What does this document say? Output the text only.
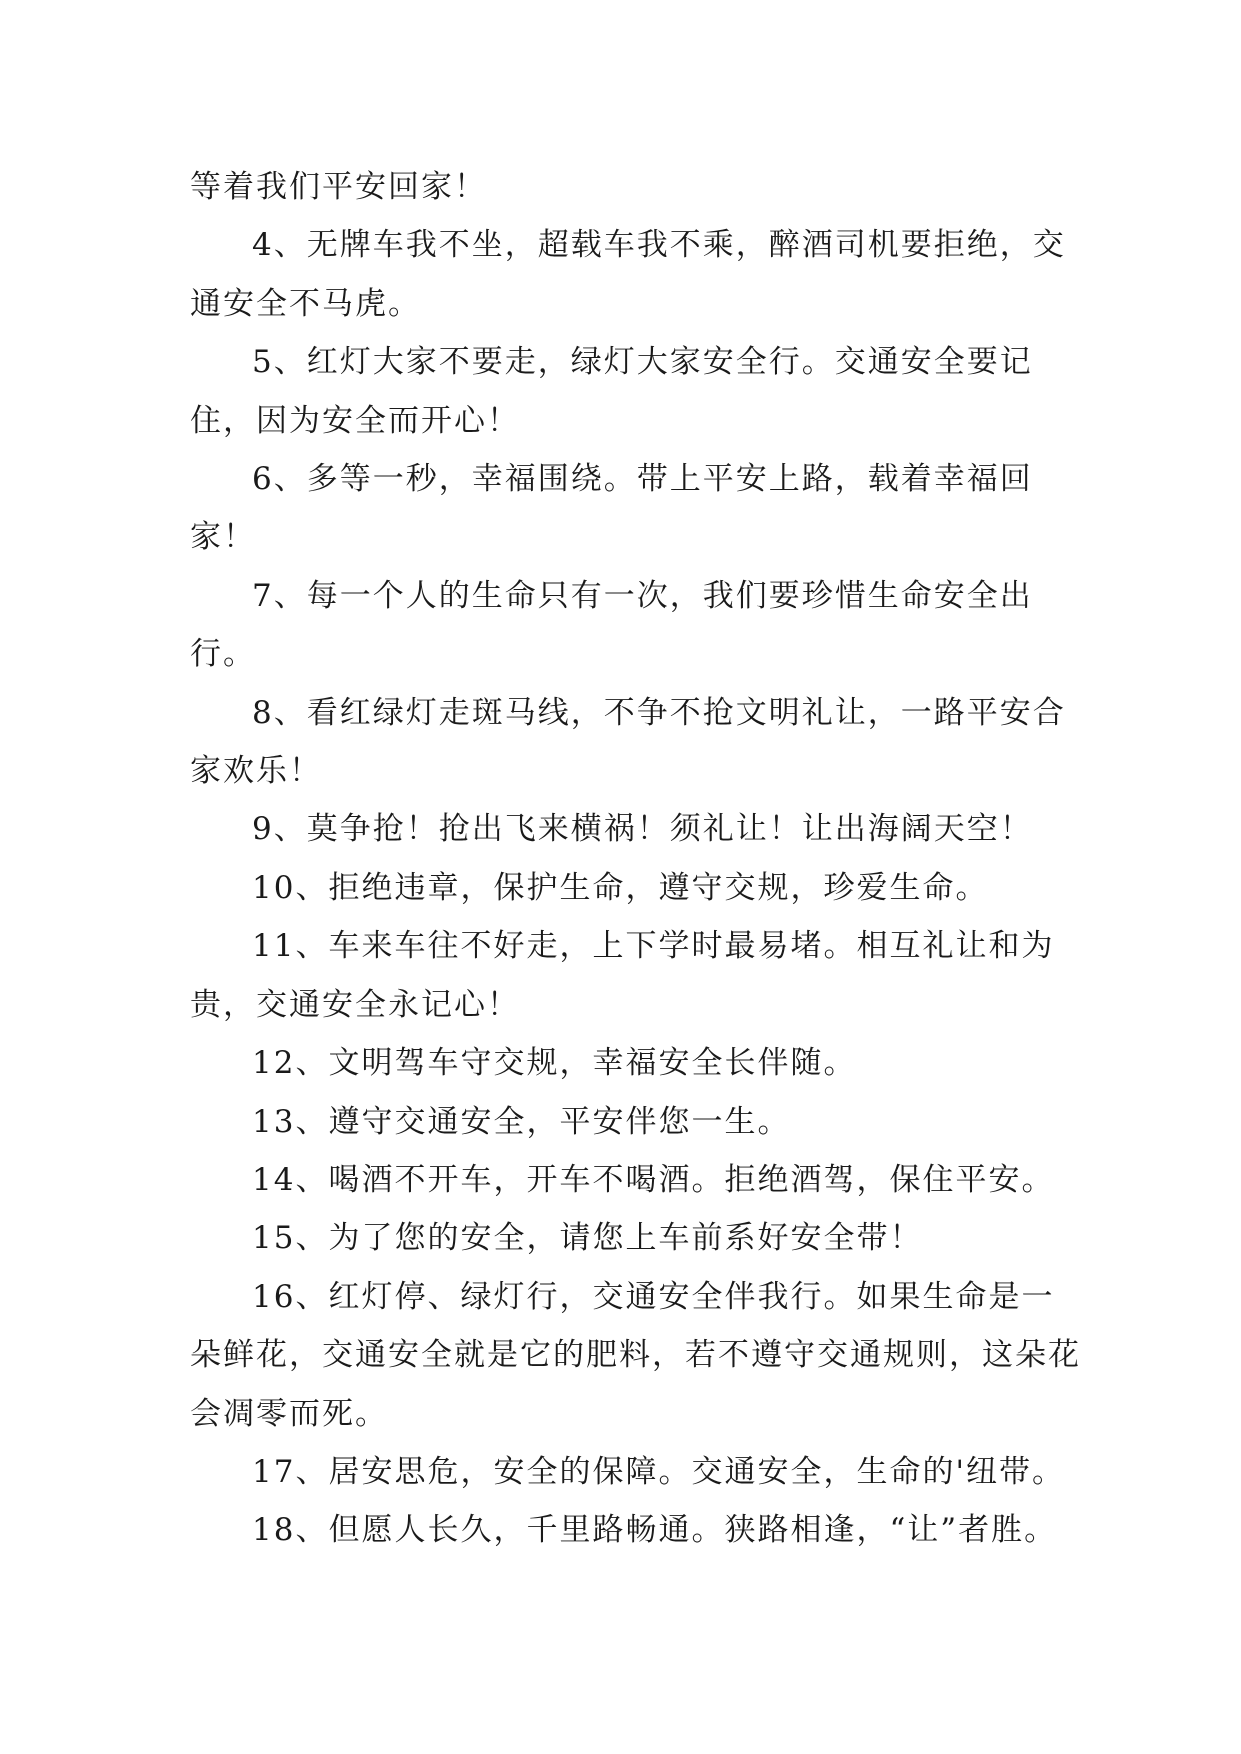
等着我们平安回家！

4、无牌车我不坐，超载车我不乘，醉酒司机要拒绝，交通安全不马虎。

5、红灯大家不要走，绿灯大家安全行。交通安全要记住，因为安全而开心！

6、多等一秒，幸福围绕。带上平安上路，载着幸福回家！

7、每一个人的生命只有一次，我们要珍惜生命安全出行。

8、看红绿灯走斑马线，不争不抢文明礼让，一路平安合家欢乐！

9、莫争抢！抢出飞来横祸！须礼让！让出海阔天空！

10、拒绝违章，保护生命，遵守交规，珍爱生命。

11、车来车往不好走，上下学时最易堵。相互礼让和为贵，交通安全永记心！

12、文明驾车守交规，幸福安全长伴随。

13、遵守交通安全，平安伴您一生。

14、喝酒不开车，开车不喝酒。拒绝酒驾，保住平安。

15、为了您的安全，请您上车前系好安全带！

16、红灯停、绿灯行，交通安全伴我行。如果生命是一朵鲜花，交通安全就是它的肥料，若不遵守交通规则，这朵花会凋零而死。

17、居安思危，安全的保障。交通安全，生命的'纽带。

18、但愿人长久，千里路畅通。狭路相逢，“让”者胜。
